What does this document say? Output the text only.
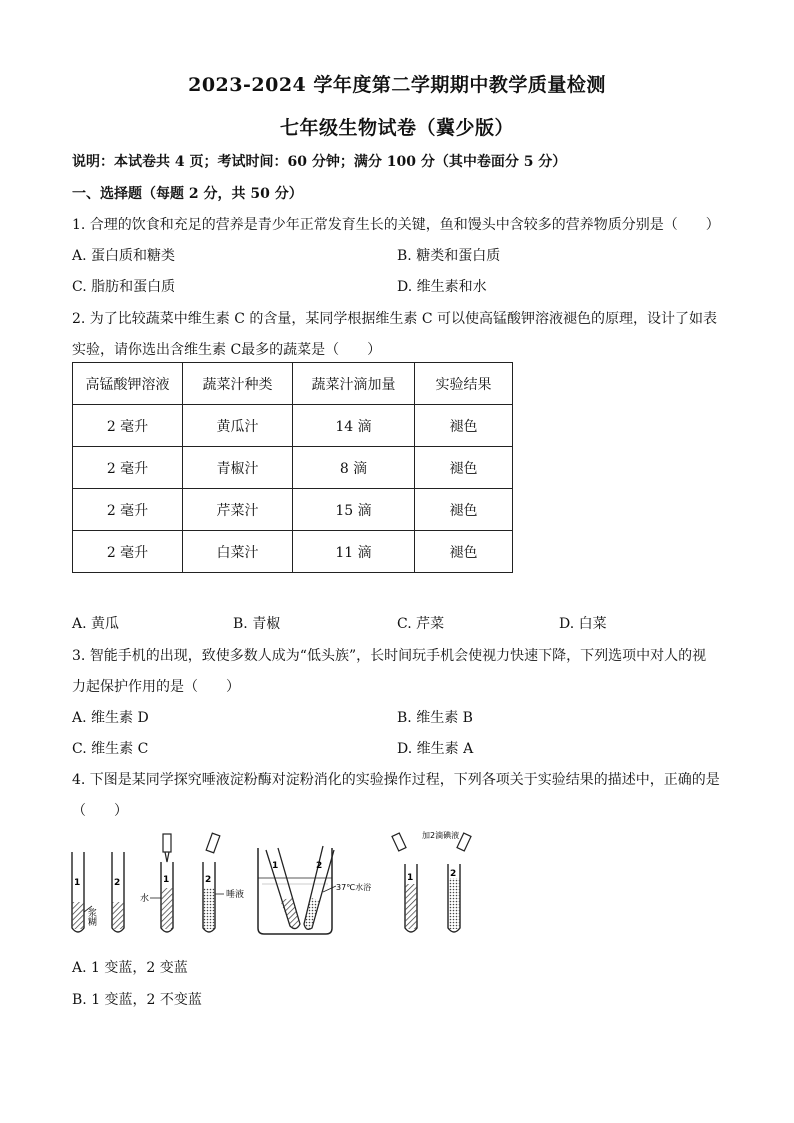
2023-2024 学年度第二学期期中教学质量检测
七年级生物试卷（冀少版）
说明：本试卷共 4 页；考试时间：60 分钟；满分 100 分（其中卷面分 5 分）
一、选择题（每题 2 分，共 50 分）
1. 合理的饮食和充足的营养是青少年正常发育生长的关键，鱼和馒头中含较多的营养物质分别是（　　）
A. 蛋白质和糖类	B. 糖类和蛋白质
C. 脂肪和蛋白质	D. 维生素和水
2. 为了比较蔬菜中维生素 C 的含量，某同学根据维生素 C 可以使高锰酸钾溶液褪色的原理，设计了如表
实验，请你选出含维生素 C最多的蔬菜是（　　）
高锰酸钾溶液	蔬菜汁种类	蔬菜汁滴加量	实验结果
2 毫升	黄瓜汁	14 滴	褪色
2 毫升	青椒汁	8 滴	褪色
2 毫升	芹菜汁	15 滴	褪色
2 毫升	白菜汁	11 滴	褪色
A. 黄瓜	B. 青椒	C. 芹菜	D. 白菜
3. 智能手机的出现，致使多数人成为“低头族”，长时间玩手机会使视力快速下降，下列选项中对人的视
力起保护作用的是（　　）
A. 维生素 D	B. 维生素 B
C. 维生素 C	D. 维生素 A
4. 下图是某同学探究唾液淀粉酶对淀粉消化的实验操作过程，下列各项关于实验结果的描述中，正确的是
（　　）
1	2
浆糊
1
水
2
唾液
1	2
37℃水浴
1	2
加2滴碘液
A. 1 变蓝，2 变蓝
B. 1 变蓝，2 不变蓝
